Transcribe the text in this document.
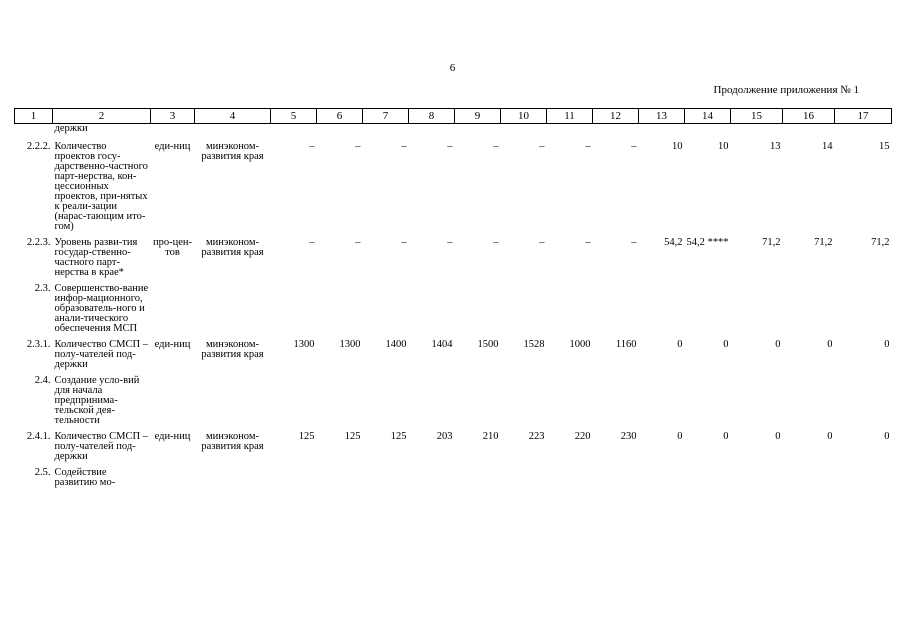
6
Продолжение приложения № 1
1	2	3	4	5	6	7	8	9	10	11	12	13	14	15	16	17
	держки															
2.2.2.	Количество проектов госу-дарственно-частного парт-нерства, кон-цессионных проектов, при-нятых к реали-зации (нарас-тающим ито-гом)	еди-ниц	минэконом-развития края	–	–	–	–	–	–	–	–	10	10	13	14	15
2.2.3.	Уровень разви-тия государ-ственно-частного парт-нерства в крае*	про-цен-тов	минэконом-развития края	–	–	–	–	–	–	–	–	54,2	54,2 ****	71,2	71,2	71,2
2.3.	Совершенство-вание инфор-мационного, образователь-ного и анали-тического обеспечения МСП															
2.3.1.	Количество СМСП – полу-чателей под-держки	еди-ниц	минэконом-развития края	1300	1300	1400	1404	1500	1528	1000	1160	0	0	0	0	0
2.4.	Создание усло-вий для начала предпринима-тельской дея-тельности															
2.4.1.	Количество СМСП – полу-чателей под-держки	еди-ниц	минэконом-развития края	125	125	125	203	210	223	220	230	0	0	0	0	0
2.5.	Содействие развитию мо-															
